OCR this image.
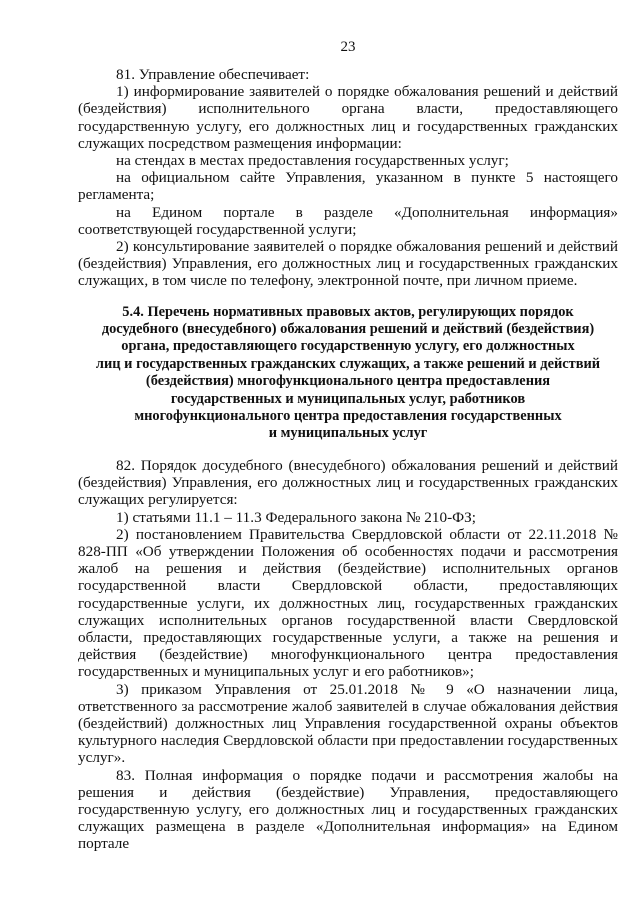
23

81. Управление обеспечивает:

1) информирование заявителей о порядке обжалования решений и действий (бездействия) исполнительного органа власти, предоставляющего государственную услугу, его должностных лиц и государственных гражданских служащих посредством размещения информации:

на стендах в местах предоставления государственных услуг;

на официальном сайте Управления, указанном в пункте 5 настоящего регламента;

на Едином портале в разделе «Дополнительная информация» соответствующей государственной услуги;

2) консультирование заявителей о порядке обжалования решений и действий (бездействия) Управления, его должностных лиц и государственных гражданских служащих, в том числе по телефону, электронной почте, при личном приеме.

5.4. Перечень нормативных правовых актов, регулирующих порядок
досудебного (внесудебного) обжалования решений и действий (бездействия)
органа, предоставляющего государственную услугу, его должностных
лиц и государственных гражданских служащих, а также решений и действий
(бездействия) многофункционального центра предоставления
государственных и муниципальных услуг, работников
многофункционального центра предоставления государственных
и муниципальных услуг

82. Порядок досудебного (внесудебного) обжалования решений и действий (бездействия) Управления, его должностных лиц и государственных гражданских служащих регулируется:

1) статьями 11.1 – 11.3 Федерального закона № 210-ФЗ;

2) постановлением Правительства Свердловской области от 22.11.2018 № 828-ПП «Об утверждении Положения об особенностях подачи и рассмотрения жалоб на решения и действия (бездействие) исполнительных органов государственной власти Свердловской области, предоставляющих государственные услуги, их должностных лиц, государственных гражданских служащих исполнительных органов государственной власти Свердловской области, предоставляющих государственные услуги, а также на решения и действия (бездействие) многофункционального центра предоставления государственных и муниципальных услуг и его работников»;

3) приказом Управления от 25.01.2018 № 9 «О назначении лица, ответственного за рассмотрение жалоб заявителей в случае обжалования действия (бездействий) должностных лиц Управления государственной охраны объектов культурного наследия Свердловской области при предоставлении государственных услуг».

83. Полная информация о порядке подачи и рассмотрения жалобы на решения и действия (бездействие) Управления, предоставляющего государственную услугу, его должностных лиц и государственных гражданских служащих размещена в разделе «Дополнительная информация» на Едином портале
